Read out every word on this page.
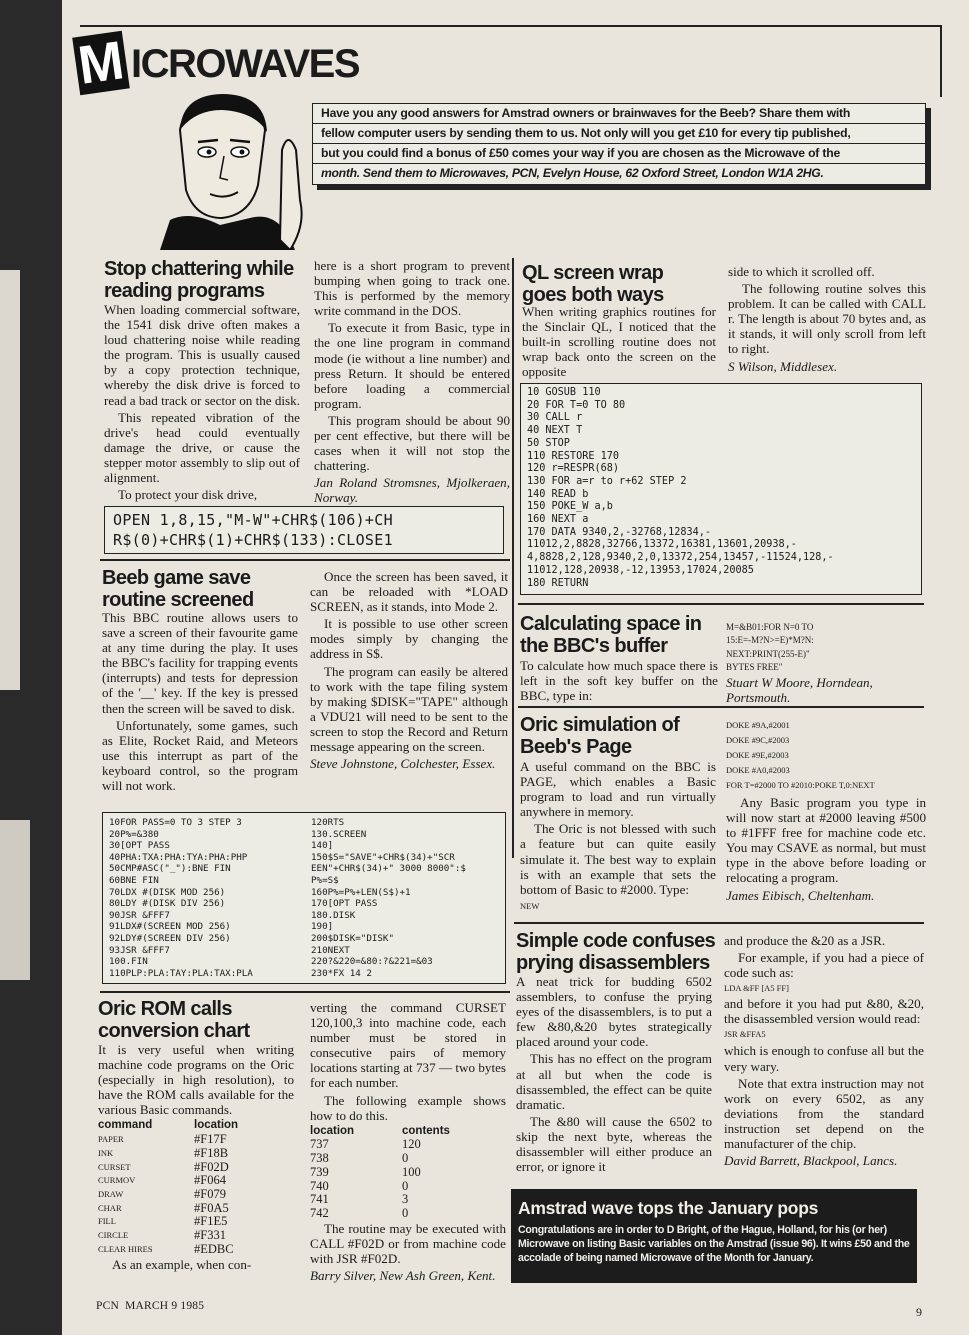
M ICROWAVES
Have you any good answers for Amstrad owners or brainwaves for the Beeb? Share them with
fellow computer users by sending them to us. Not only will you get £10 for every tip published,
but you could find a bonus of £50 comes your way if you are chosen as the Microwave of the
month. Send them to Microwaves, PCN, Evelyn House, 62 Oxford Street, London W1A 2HG.
Stop chattering while reading programs

When loading commercial software, the 1541 disk drive often makes a loud chattering noise while reading the program. This is usually caused by a copy protection technique, whereby the disk drive is forced to read a bad track or sector on the disk.

This repeated vibration of the drive's head could eventually damage the drive, or cause the stepper motor assembly to slip out of alignment.

To protect your disk drive,

here is a short program to prevent bumping when going to track one. This is performed by the memory write command in the DOS.

To execute it from Basic, type in the one line program in command mode (ie without a line number) and press Return. It should be entered before loading a commercial program.

This program should be about 90 per cent effective, but there will be cases when it will not stop the chattering.

Jan Roland Stromsnes, Mjolkeraen, Norway.

OPEN 1,8,15,"M-W"+CHR$(106)+CH
R$(0)+CHR$(1)+CHR$(133):CLOSE1
QL screen wrap goes both ways

When writing graphics routines for the Sinclair QL, I noticed that the built-in scrolling routine does not wrap back onto the screen on the opposite

side to which it scrolled off.

The following routine solves this problem. It can be called with CALL r. The length is about 70 bytes and, as it stands, it will only scroll from left to right.

S Wilson, Middlesex.

10 GOSUB 110
20 FOR T=0 TO 80
30 CALL r
40 NEXT T
50 STOP
110 RESTORE 170
120 r=RESPR(68)
130 FOR a=r to r+62 STEP 2
140 READ b
150 POKE_W a,b
160 NEXT a
170 DATA 9340,2,-32768,12834,-
11012,2,8828,32766,13372,16381,13601,20938,-
4,8828,2,128,9340,2,0,13372,254,13457,-11524,128,-
11012,128,20938,-12,13953,17024,20085
180 RETURN
Beeb game save routine screened

This BBC routine allows users to save a screen of their favourite game at any time during the play. It uses the BBC's facility for trapping events (interrupts) and tests for depression of the '__' key. If the key is pressed then the screen will be saved to disk.

Unfortunately, some games, such as Elite, Rocket Raid, and Meteors use this interrupt as part of the keyboard control, so the program will not work.

Once the screen has been saved, it can be reloaded with *LOAD SCREEN, as it stands, into Mode 2.

It is possible to use other screen modes simply by changing the address in S$.

The program can easily be altered to work with the tape filing system by making $DISK="TAPE" although a VDU21 will need to be sent to the screen to stop the Record and Return message appearing on the screen.

Steve Johnstone, Colchester, Essex.

10FOR PASS=0 TO 3 STEP 3
20P%=&380
30[OPT PASS
40PHA:TXA:PHA:TYA:PHA:PHP
50CMP#ASC("_"):BNE FIN
60BNE FIN
70LDX #(DISK MOD 256)
80LDY #(DISK DIV 256)
90JSR &FFF7
91LDX#(SCREEN MOD 256)
92LDY#(SCREEN DIV 256)
93JSR &FFF7
100.FIN
110PLP:PLA:TAY:PLA:TAX:PLA
120RTS
130.SCREEN
140]
150$S="SAVE"+CHR$(34)+"SCR
EEN"+CHR$(34)+" 3000 8000":$
P%=S$
160P%=P%+LEN(S$)+1
170[OPT PASS
180.DISK
190]
200$DISK="DISK"
210NEXT
220?&220=&80:?&221=&03
230*FX 14 2
Calculating space in the BBC's buffer

To calculate how much space there is left in the soft key buffer on the BBC, type in:

M=&B01:FOR N=0 TO
15:E=-M?N>=E)*M?N:
NEXT:PRINT(255-E)"
BYTES FREE"

Stuart W Moore, Horndean, Portsmouth.

Oric simulation of Beeb's Page

A useful command on the BBC is PAGE, which enables a Basic program to load and run virtually anywhere in memory.

The Oric is not blessed with such a feature but can quite easily simulate it. The best way to explain is with an example that sets the bottom of Basic to #2000. Type:

NEW

DOKE #9A,#2001
DOKE #9C,#2003
DOKE #9E,#2003
DOKE #A0,#2003
FOR T=#2000 TO #2010:POKE T,0:NEXT

Any Basic program you type in will now start at #2000 leaving #500 to #1FFF free for machine code etc. You may CSAVE as normal, but must type in the above before loading or relocating a program.

James Eibisch, Cheltenham.

Oric ROM calls conversion chart

It is very useful when writing machine code programs on the Oric (especially in high resolution), to have the ROM calls available for the various Basic commands.

command	location
PAPER	#F17F
INK	#F18B
CURSET	#F02D
CURMOV	#F064
DRAW	#F079
CHAR	#F0A5
FILL	#F1E5
CIRCLE	#F331
CLEAR HIRES	#EDBC

As an example, when con-

verting the command CURSET 120,100,3 into machine code, each number must be stored in consecutive pairs of memory locations starting at 737 — two bytes for each number.

The following example shows how to do this.

location	contents
737	120
738	0
739	100
740	0
741	3
742	0

The routine may be executed with CALL #F02D or from machine code with JSR #F02D.

Barry Silver, New Ash Green, Kent.

Simple code confuses prying disassemblers

A neat trick for budding 6502 assemblers, to confuse the prying eyes of the disassemblers, is to put a few &80,&20 bytes strategically placed around your code.

This has no effect on the program at all but when the code is disassembled, the effect can be quite dramatic.

The &80 will cause the 6502 to skip the next byte, whereas the disassembler will either produce an error, or ignore it

and produce the &20 as a JSR.

For example, if you had a piece of code such as:

LDA &FF [A5 FF]

and before it you had put &80, &20, the disassembled version would read:

JSR &FFA5

which is enough to confuse all but the very wary.

Note that extra instruction may not work on every 6502, as any deviations from the standard instruction set depend on the manufacturer of the chip.

David Barrett, Blackpool, Lancs.

Amstrad wave tops the January pops
Congratulations are in order to D Bright, of the Hague, Holland, for his (or her) Microwave on listing Basic variables on the Amstrad (issue 96). It wins £50 and the accolade of being named Microwave of the Month for January.
PCN  MARCH 9 1985	9
